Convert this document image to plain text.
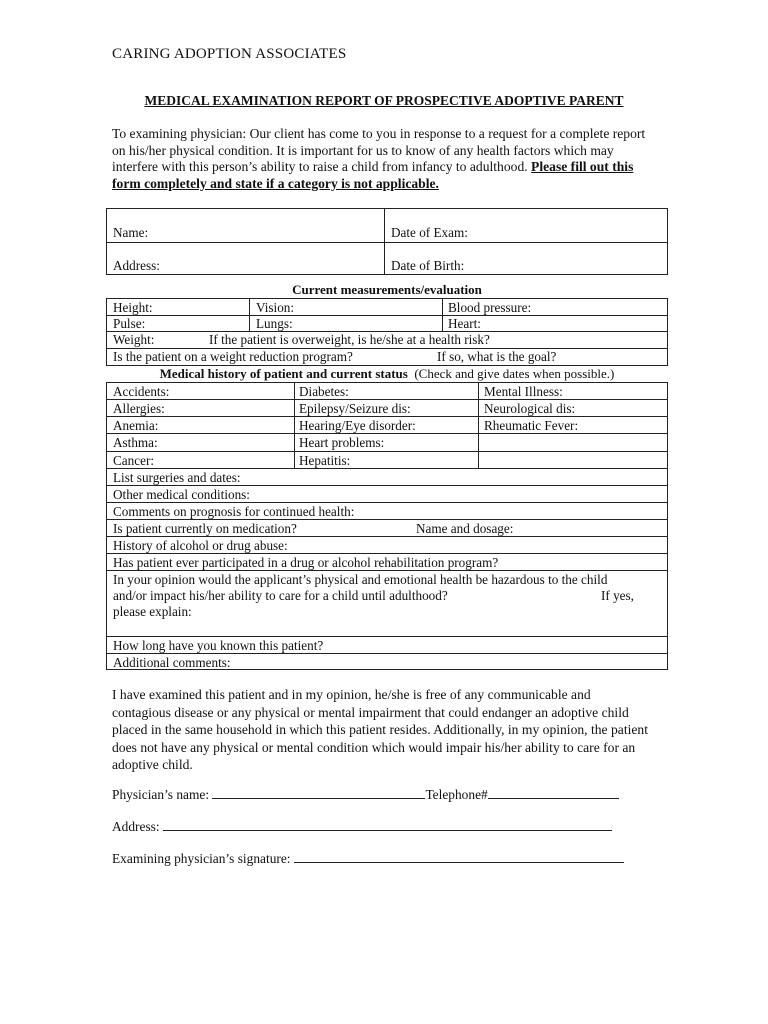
CARING ADOPTION ASSOCIATES
MEDICAL EXAMINATION REPORT OF PROSPECTIVE ADOPTIVE PARENT
To examining physician: Our client has come to you in response to a request for a complete report on his/her physical condition. It is important for us to know of any health factors which may interfere with this person’s ability to raise a child from infancy to adulthood. Please fill out this form completely and state if a category is not applicable.
Name:	Date of Exam:
Address:	Date of Birth:
Current measurements/evaluation
Height:	Vision:	Blood pressure:
Pulse:	Lungs:	Heart:
Weight:	If the patient is overweight, is he/she at a health risk?
Is the patient on a weight reduction program?	If so, what is the goal?
Medical history of patient and current status (Check and give dates when possible.)
Accidents:	Diabetes:	Mental Illness:
Allergies:	Epilepsy/Seizure dis:	Neurological dis:
Anemia:	Hearing/Eye disorder:	Rheumatic Fever:
Asthma:	Heart problems:
Cancer:	Hepatitis:
List surgeries and dates:
Other medical conditions:
Comments on prognosis for continued health:
Is patient currently on medication?	Name and dosage:
History of alcohol or drug abuse:
Has patient ever participated in a drug or alcohol rehabilitation program?
In your opinion would the applicant’s physical and emotional health be hazardous to the child
and/or impact his/her ability to care for a child until adulthood?	If yes,
please explain:
How long have you known this patient?
Additional comments:
I have examined this patient and in my opinion, he/she is free of any communicable and contagious disease or any physical or mental impairment that could endanger an adoptive child placed in the same household in which this patient resides. Additionally, in my opinion, the patient does not have any physical or mental condition which would impair his/her ability to care for an adoptive child.
Physician’s name:	Telephone#
Address:
Examining physician’s signature:
